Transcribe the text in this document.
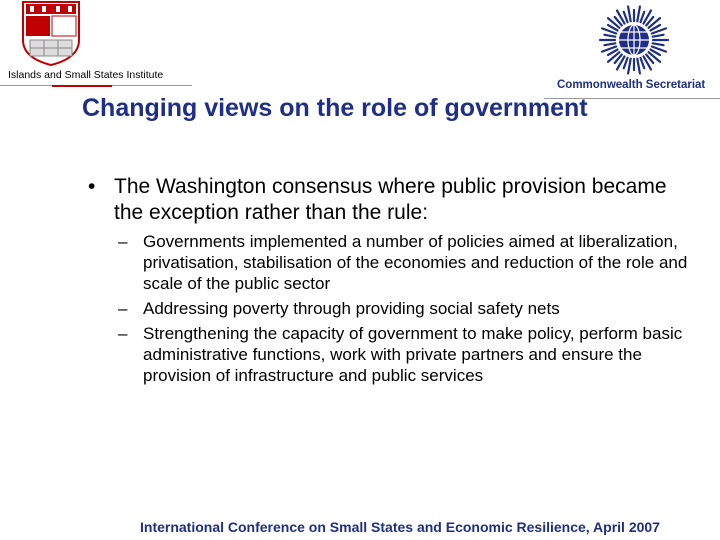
Islands and Small States Institute
Commonwealth Secretariat
Changing views on the role of government
• The Washington consensus where public provision became the exception rather than the rule:
– Governments implemented a number of policies aimed at liberalization, privatisation, stabilisation of the economies and reduction of the role and scale of the public sector
– Addressing poverty through providing social safety nets
– Strengthening the capacity of government to make policy, perform basic administrative functions, work with private partners and ensure the provision of infrastructure and public services
International Conference on Small States and Economic Resilience, April 2007
